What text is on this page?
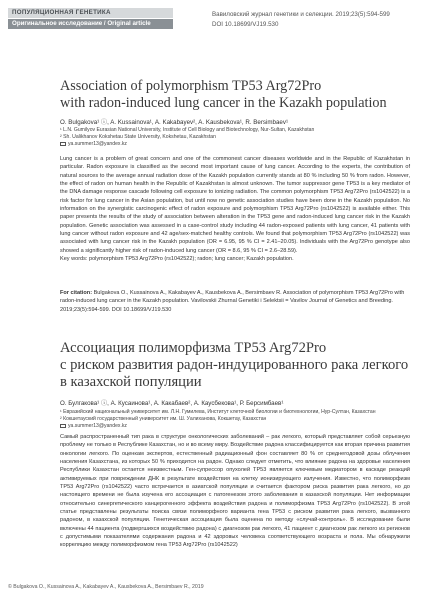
ПОПУЛЯЦИОННАЯ ГЕНЕТИКА
Оригинальное исследование / Original article
Вавиловский журнал генетики и селекции. 2019;23(5):594-599
DOI 10.18699/VJ19.530
Association of polymorphism TP53 Arg72Pro
with radon-induced lung cancer in the Kazakh population
O. Bulgakova¹ ⓘ, A. Kussainova¹, A. Kakabayev², A. Kausbekova¹, R. Bersimbaev¹
¹ L.N. Gumilyov Eurasian National University, Institute of Cell Biology and Biotechnology, Nur-Sultan, Kazakhstan
² Sh. Ualikhanov Kokshetau State University, Kokshetau, Kazakhstan
ya.summer13@yandex.kz
Lung cancer is a problem of great concern and one of the commonest cancer diseases worldwide and in the Republic of Kazakhstan in particular. Radon exposure is classified as the second most important cause of lung cancer. According to the experts, the contribution of natural sources to the average annual radiation dose of the Kazakh population currently stands at 80 % including 50 % from radon. However, the effect of radon on human health in the Republic of Kazakhstan is almost unknown. The tumor suppressor gene TP53 is a key mediator of the DNA damage response cascade following cell exposure to ionizing radiation. The common polymorphism TP53 Arg72Pro (rs1042522) is a risk factor for lung cancer in the Asian population, but until now no genetic association studies have been done in the Kazakh population. No information on the synergistic carcinogenic effect of radon exposure and polymorphism TP53 Arg72Pro (rs1042522) is available either. This paper presents the results of the study of association between alteration in the TP53 gene and radon-induced lung cancer risk in the Kazakh population. Genetic association was assessed in a case-control study including 44 radon-exposed patients with lung cancer, 41 patients with lung cancer without radon exposure and 42 age/sex-matched healthy controls. We found that polymorphism TP53 Arg72Pro (rs1042522) was associated with lung cancer risk in the Kazakh population (OR = 6.95, 95 % CI = 2.41–20.05). Individuals with the Arg72Pro genotype also showed a significantly higher risk of radon-induced lung cancer (OR = 8.6, 95 % CI = 2.6–28.59).
Key words: polymorphism TP53 Arg72Pro (rs1042522); radon; lung cancer; Kazakh population.
For citation: Bulgakova O., Kussainova A., Kakabayev A., Kausbekova A., Bersimbaev R. Association of polymorphism TP53 Arg72Pro with radon-induced lung cancer in the Kazakh population. Vavilovskii Zhurnal Genetiki i Selektsii = Vavilov Journal of Genetics and Breeding. 2019;23(5):594-599. DOI 10.18699/VJ19.530
Ассоциация полиморфизма TP53 Arg72Pro
с риском развития радон-индуцированного рака легкого
в казахской популяции
О. Булгакова¹ ⓘ, А. Кусаинова¹, А. Какабаев², А. Каусбекова¹, Р. Берсимбаев¹
¹ Евразийский национальный университет им. Л.Н. Гумилева, Институт клеточной биологии и биотехнологии, Нур-Султан, Казахстан
² Кокшетауский государственный университет им. Ш. Уалиханова, Кокшетау, Казахстан
ya.summer13@yandex.kz
Самый распространенный тип рака в структуре онкологических заболеваний – рак легкого, который представляет собой серьезную проблему не только в Республике Казахстан, но и во всему миру. Воздействие радона классифицируется как вторая причина развития онкологии легкого. По оценкам экспертов, естественный радиационный фон составляет 80 % от среднегодовой дозы облучения населения Казахстана, из которых 50 % приходится на радон. Однако следует отметить, что влияние радона на здоровье населения Республики Казахстан остается неизвестным. Ген-супрессор опухолей TP53 является ключевым медиатором в каскаде реакций активируемых при повреждении ДНК в результате воздействия на клетку ионизирующего излучения. Известно, что полиморфизм TP53 Arg72Pro (rs1042522) часто встречается в азиатской популяции и считается фактором риска развития рака легкого, но до настоящего времени не была изучена его ассоциация с патогенезом этого заболевания в казахской популяции. Нет информации относительно синергетического канцерогенного эффекта воздействия радона и полиморфизма TP53 Arg72Pro (rs1042522). В этой статье представлены результаты поиска связи полиморфного варианта гена TP53 с риском развития рака легкого, вызванного радоном, в казахской популяции. Генетическая ассоциация была оценена по методу «случай-контроль». В исследование были включены 44 пациента (подвергшихся воздействию радона) с диагнозом рак легкого, 41 пациент с диагнозом рак легкого из регионов с допустимыми показателями содержания радона и 42 здоровых человека соответствующего возраста и пола. Мы обнаружили корреляцию между полиморфизмом гена TP53 Arg72Pro (rs1042522)
© Bulgakova O., Kussainova A., Kakabayev A., Kausbekova A., Bersimbaev R., 2019
